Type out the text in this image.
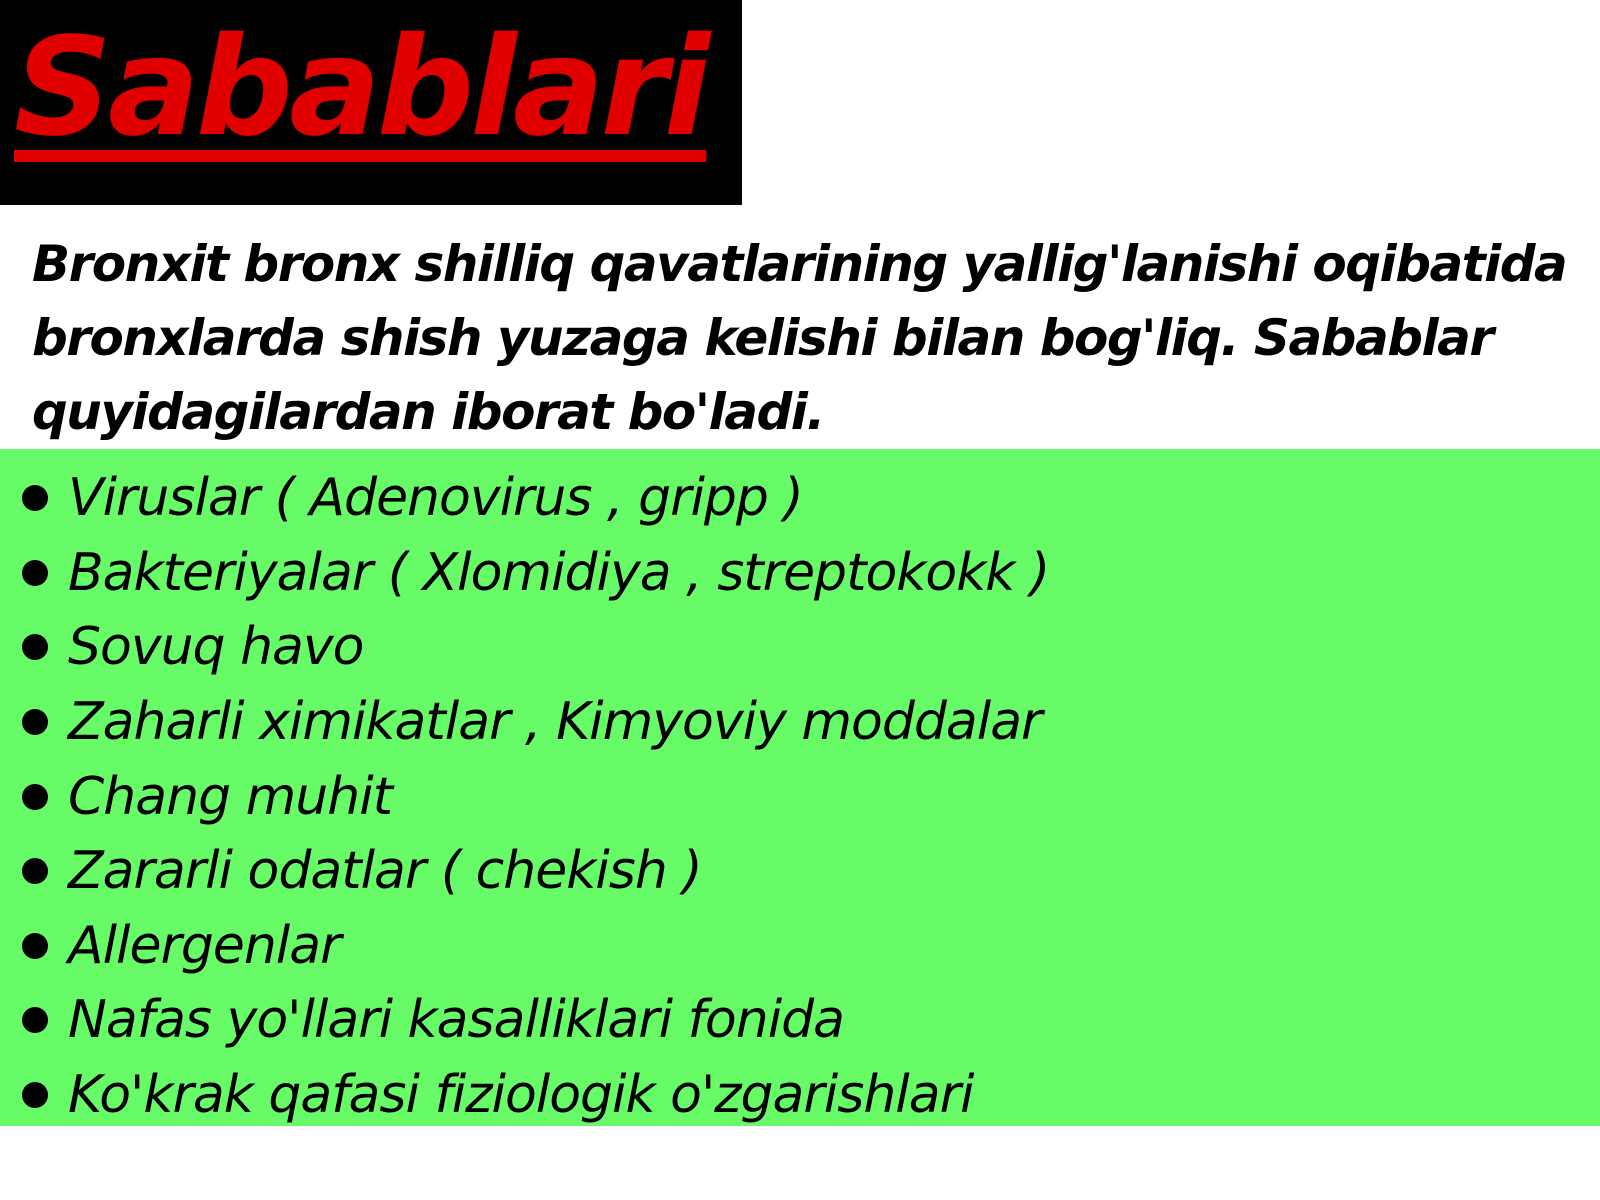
Sabablari

Bronxit bronx shilliq qavatlarining yallig'lanishi oqibatida bronxlarda shish yuzaga kelishi bilan bog'liq. Sabablar quyidagilardan iborat bo'ladi.

Viruslar ( Adenovirus , gripp )
Bakteriyalar ( Xlomidiya , streptokokk )
Sovuq havo
Zaharli ximikatlar , Kimyoviy moddalar
Chang muhit
Zararli odatlar ( chekish )
Allergenlar
Nafas yo'llari kasalliklari fonida
Ko'krak qafasi fiziologik o'zgarishlari
